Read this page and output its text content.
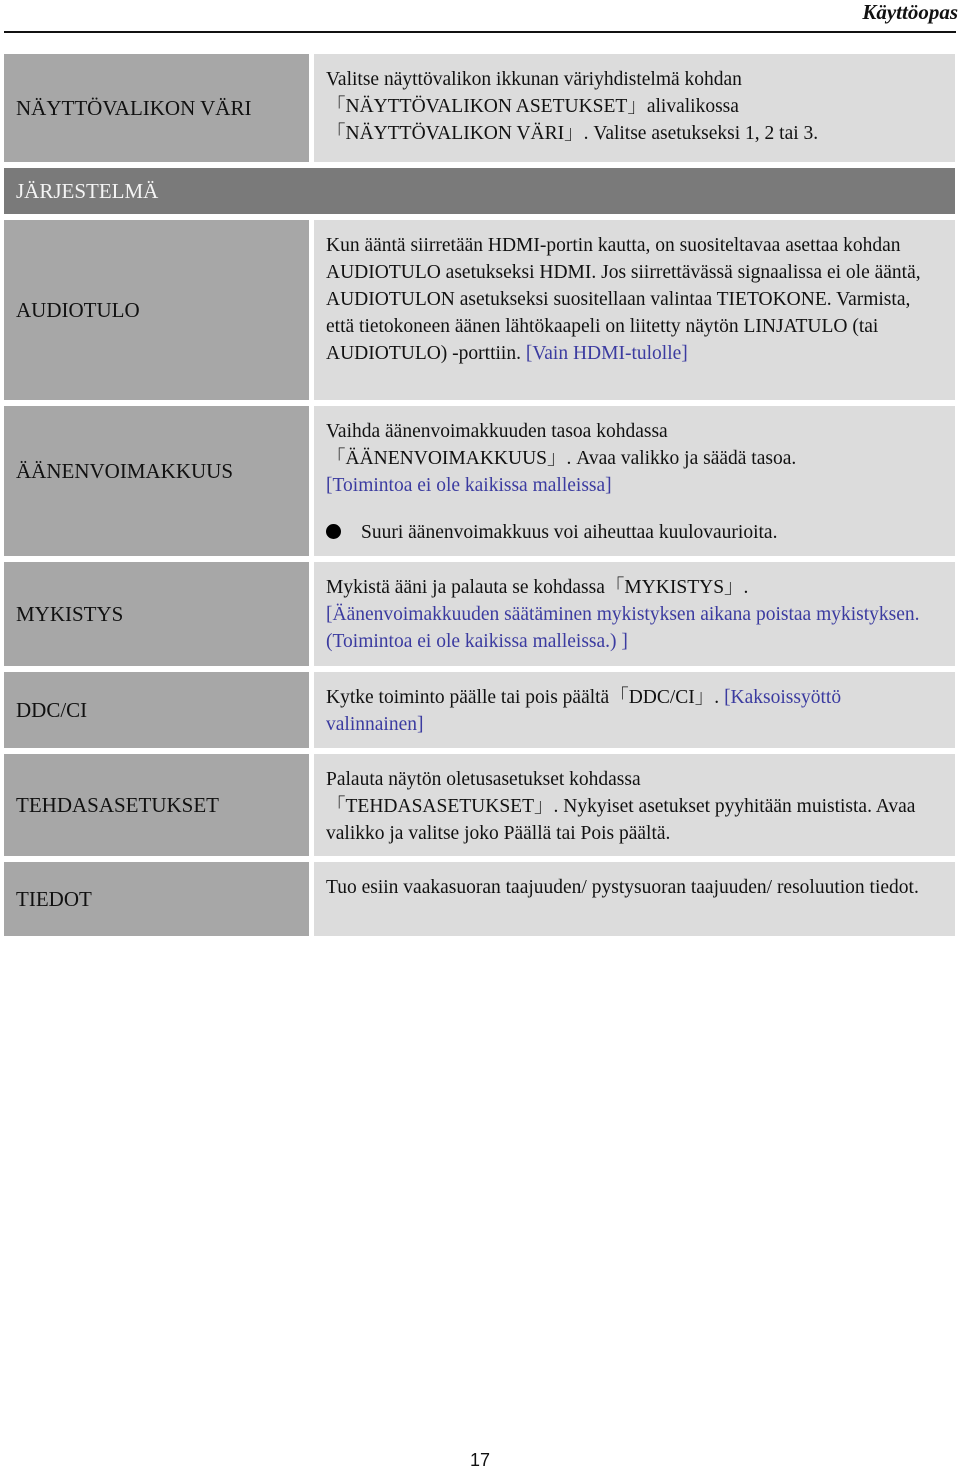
Käyttöopas
NÄYTTÖVALIKON VÄRI

Valitse näyttövalikon ikkunan väriyhdistelmä kohdan

「NÄYTTÖVALIKON ASETUKSET」alivalikossa

「NÄYTTÖVALIKON VÄRI」. Valitse asetukseksi 1, 2 tai 3.

JÄRJESTELMÄ
AUDIOTULO

Kun ääntä siirretään HDMI-portin kautta, on suositeltavaa asettaa kohdan AUDIOTULO asetukseksi HDMI. Jos siirrettävässä signaalissa ei ole ääntä, AUDIOTULON asetukseksi suositellaan valintaa TIETOKONE. Varmista, että tietokoneen äänen lähtökaapeli on liitetty näytön LINJATULO (tai AUDIOTULO) -porttiin. [Vain HDMI-tulolle]

ÄÄNENVOIMAKKUUS

Vaihda äänenvoimakkuuden tasoa kohdassa

「ÄÄNENVOIMAKKUUS」. Avaa valikko ja säädä tasoa.

[Toimintoa ei ole kaikissa malleissa]

Suuri äänenvoimakkuus voi aiheuttaa kuulovaurioita.

MYKISTYS

Mykistä ääni ja palauta se kohdassa「MYKISTYS」.

[Äänenvoimakkuuden säätäminen mykistyksen aikana poistaa mykistyksen. (Toimintoa ei ole kaikissa malleissa.) ]

DDC/CI	Kytke toiminto päälle tai pois päältä「DDC/CI」. [Kaksoissyöttö valinnainen]

TEHDASASETUKSET

Palauta näytön oletusasetukset kohdassa

「TEHDASASETUKSET」. Nykyiset asetukset pyyhitään muistista. Avaa valikko ja valitse joko Päällä tai Pois päältä.

TIEDOT	Tuo esiin vaakasuoran taajuuden/ pystysuoran taajuuden/ resoluution tiedot.

17
